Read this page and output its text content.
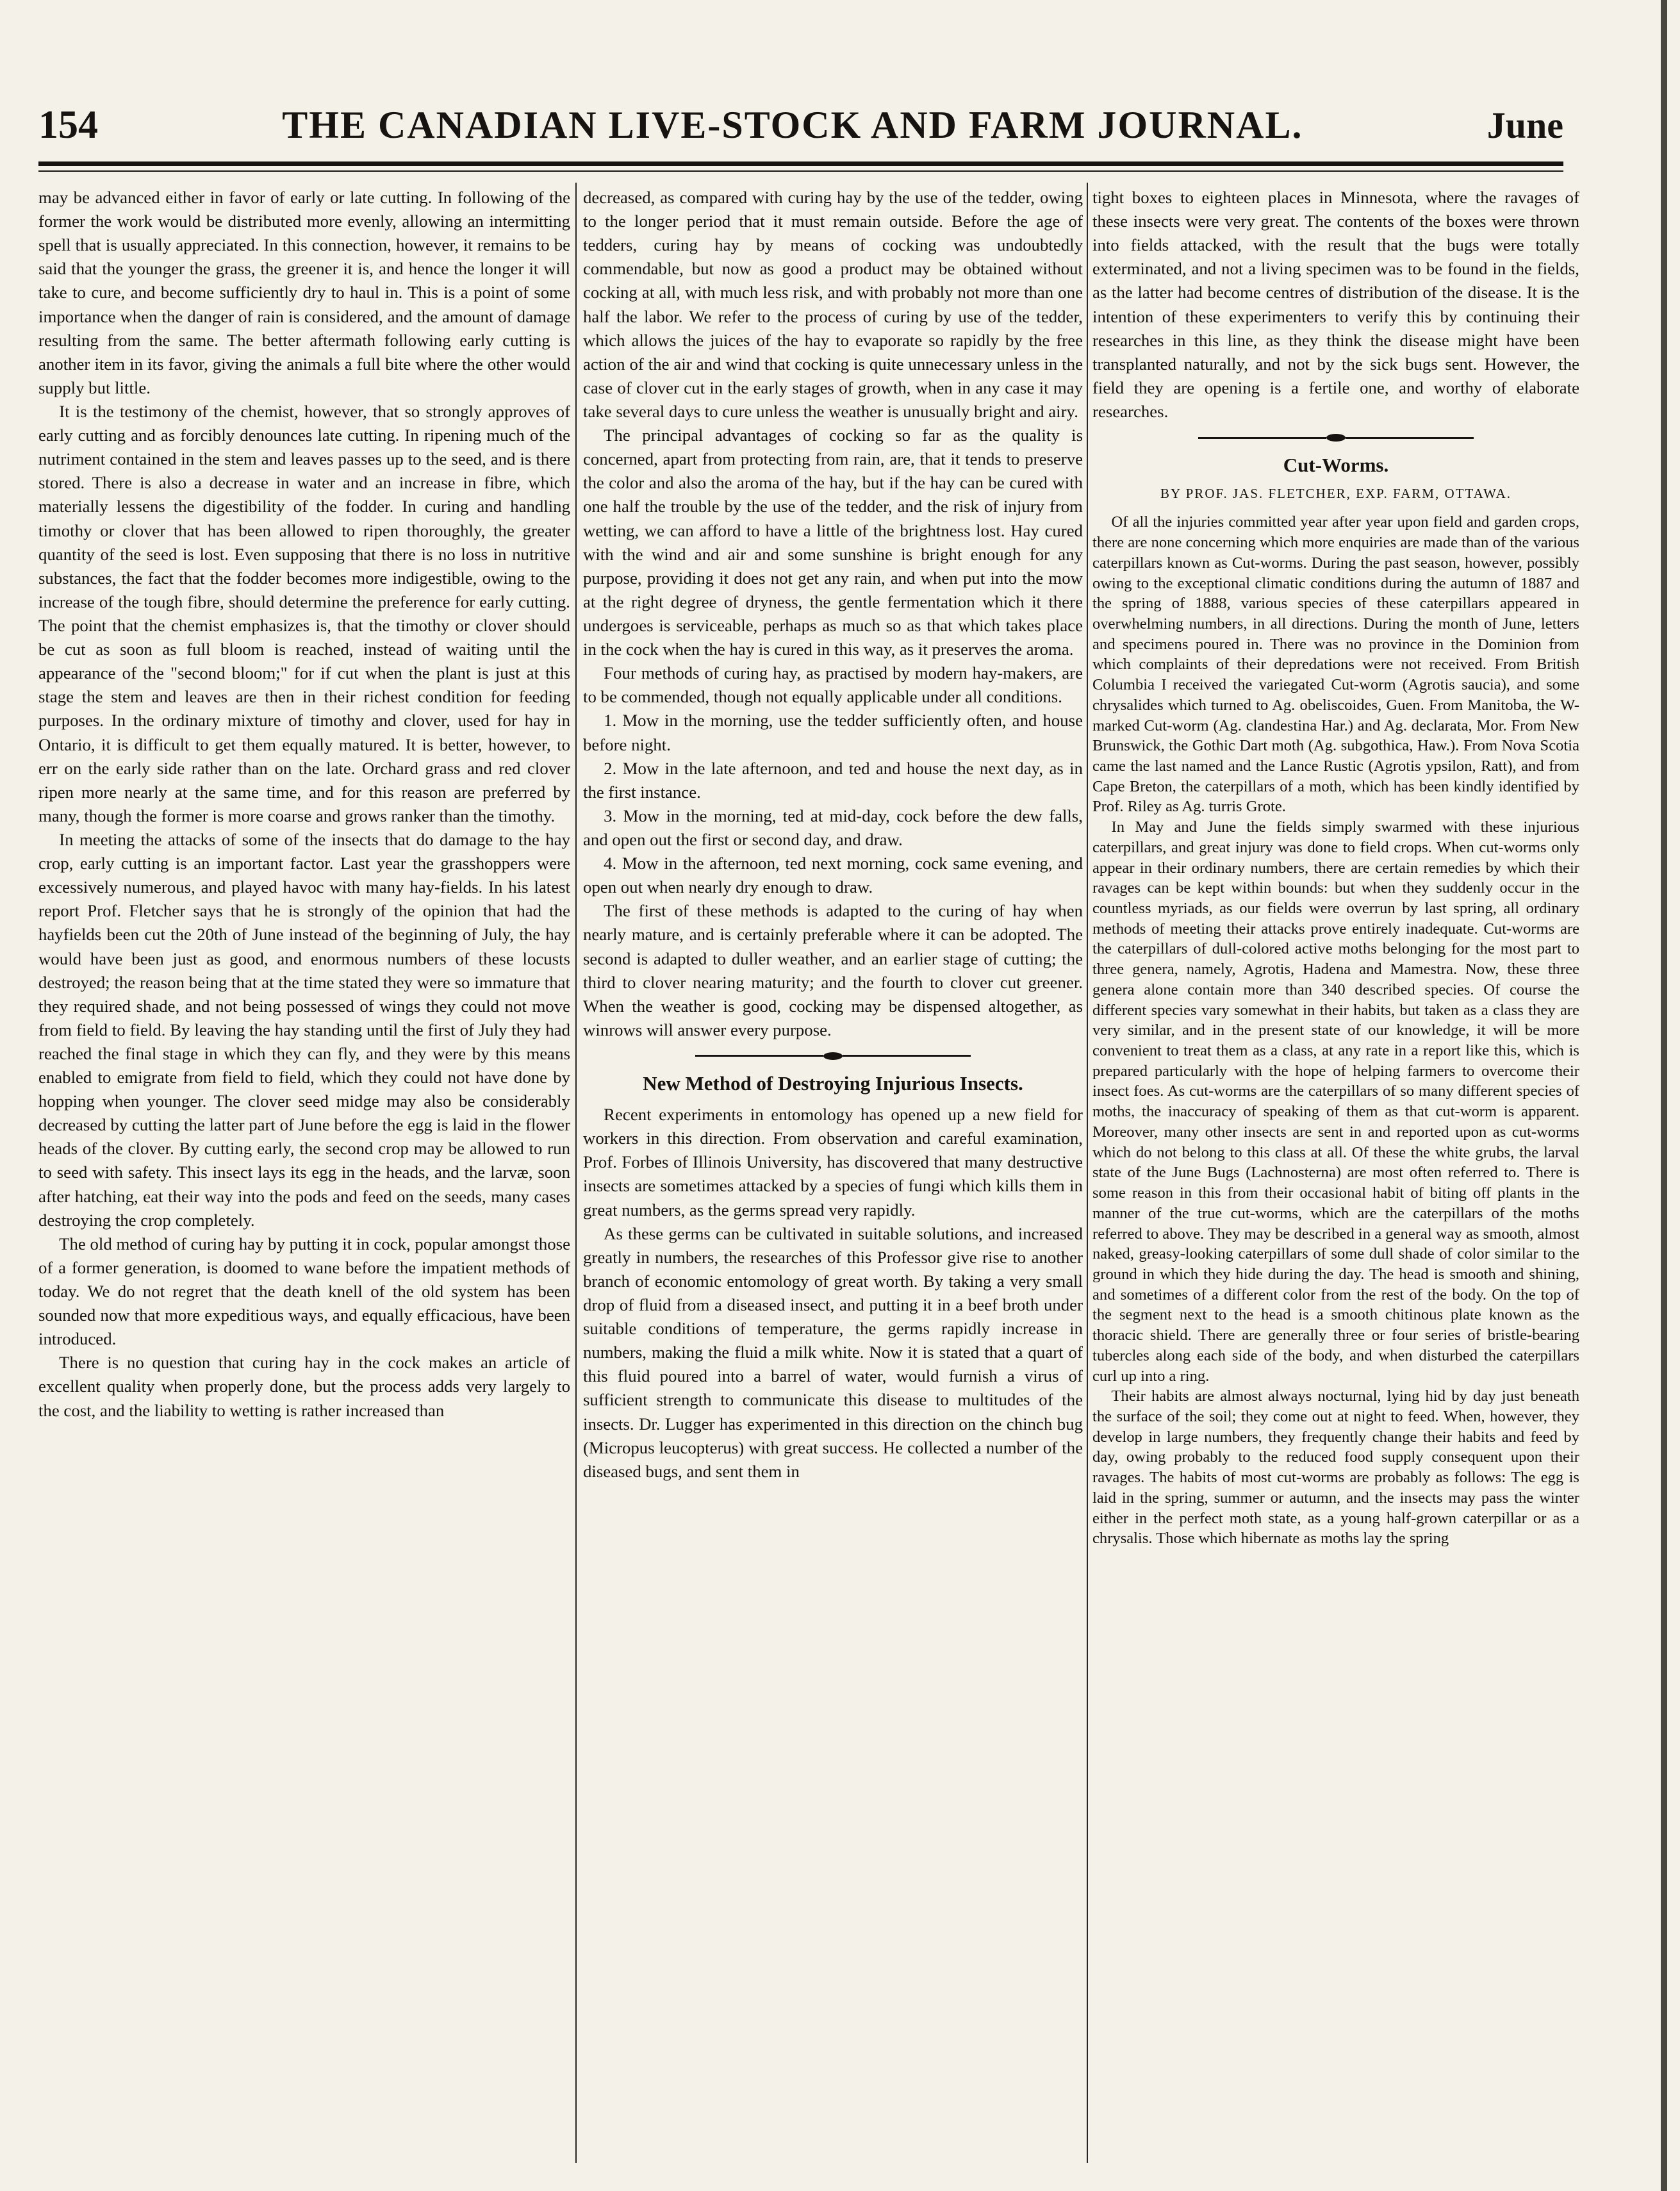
154	THE CANADIAN LIVE-STOCK AND FARM JOURNAL.	June

may be advanced either in favor of early or late cutting. In following of the former the work would be distributed more evenly, allowing an intermitting spell that is usually appreciated. In this connection, however, it remains to be said that the younger the grass, the greener it is, and hence the longer it will take to cure, and become sufficiently dry to haul in. This is a point of some importance when the danger of rain is considered, and the amount of damage resulting from the same. The better aftermath following early cutting is another item in its favor, giving the animals a full bite where the other would supply but little.

It is the testimony of the chemist, however, that so strongly approves of early cutting and as forcibly denounces late cutting. In ripening much of the nutriment contained in the stem and leaves passes up to the seed, and is there stored. There is also a decrease in water and an increase in fibre, which materially lessens the digestibility of the fodder. In curing and handling timothy or clover that has been allowed to ripen thoroughly, the greater quantity of the seed is lost. Even supposing that there is no loss in nutritive substances, the fact that the fodder becomes more indigestible, owing to the increase of the tough fibre, should determine the preference for early cutting. The point that the chemist emphasizes is, that the timothy or clover should be cut as soon as full bloom is reached, instead of waiting until the appearance of the "second bloom;" for if cut when the plant is just at this stage the stem and leaves are then in their richest condition for feeding purposes. In the ordinary mixture of timothy and clover, used for hay in Ontario, it is difficult to get them equally matured. It is better, however, to err on the early side rather than on the late. Orchard grass and red clover ripen more nearly at the same time, and for this reason are preferred by many, though the former is more coarse and grows ranker than the timothy.

In meeting the attacks of some of the insects that do damage to the hay crop, early cutting is an important factor. Last year the grasshoppers were excessively numerous, and played havoc with many hay-fields. In his latest report Prof. Fletcher says that he is strongly of the opinion that had the hayfields been cut the 20th of June instead of the beginning of July, the hay would have been just as good, and enormous numbers of these locusts destroyed; the reason being that at the time stated they were so immature that they required shade, and not being possessed of wings they could not move from field to field. By leaving the hay standing until the first of July they had reached the final stage in which they can fly, and they were by this means enabled to emigrate from field to field, which they could not have done by hopping when younger. The clover seed midge may also be considerably decreased by cutting the latter part of June before the egg is laid in the flower heads of the clover. By cutting early, the second crop may be allowed to run to seed with safety. This insect lays its egg in the heads, and the larvæ, soon after hatching, eat their way into the pods and feed on the seeds, many cases destroying the crop completely.

The old method of curing hay by putting it in cock, popular amongst those of a former generation, is doomed to wane before the impatient methods of today. We do not regret that the death knell of the old system has been sounded now that more expeditious ways, and equally efficacious, have been introduced.

There is no question that curing hay in the cock makes an article of excellent quality when properly done, but the process adds very largely to the cost, and the liability to wetting is rather increased than

decreased, as compared with curing hay by the use of the tedder, owing to the longer period that it must remain outside. Before the age of tedders, curing hay by means of cocking was undoubtedly commendable, but now as good a product may be obtained without cocking at all, with much less risk, and with probably not more than one half the labor. We refer to the process of curing by use of the tedder, which allows the juices of the hay to evaporate so rapidly by the free action of the air and wind that cocking is quite unnecessary unless in the case of clover cut in the early stages of growth, when in any case it may take several days to cure unless the weather is unusually bright and airy.

The principal advantages of cocking so far as the quality is concerned, apart from protecting from rain, are, that it tends to preserve the color and also the aroma of the hay, but if the hay can be cured with one half the trouble by the use of the tedder, and the risk of injury from wetting, we can afford to have a little of the brightness lost. Hay cured with the wind and air and some sunshine is bright enough for any purpose, providing it does not get any rain, and when put into the mow at the right degree of dryness, the gentle fermentation which it there undergoes is serviceable, perhaps as much so as that which takes place in the cock when the hay is cured in this way, as it preserves the aroma.

Four methods of curing hay, as practised by modern hay-makers, are to be commended, though not equally applicable under all conditions.

1. Mow in the morning, use the tedder sufficiently often, and house before night.

2. Mow in the late afternoon, and ted and house the next day, as in the first instance.

3. Mow in the morning, ted at mid-day, cock before the dew falls, and open out the first or second day, and draw.

4. Mow in the afternoon, ted next morning, cock same evening, and open out when nearly dry enough to draw.

The first of these methods is adapted to the curing of hay when nearly mature, and is certainly preferable where it can be adopted. The second is adapted to duller weather, and an earlier stage of cutting; the third to clover nearing maturity; and the fourth to clover cut greener. When the weather is good, cocking may be dispensed altogether, as winrows will answer every purpose.

New Method of Destroying Injurious Insects.

Recent experiments in entomology has opened up a new field for workers in this direction. From observation and careful examination, Prof. Forbes of Illinois University, has discovered that many destructive insects are sometimes attacked by a species of fungi which kills them in great numbers, as the germs spread very rapidly.

As these germs can be cultivated in suitable solutions, and increased greatly in numbers, the researches of this Professor give rise to another branch of economic entomology of great worth. By taking a very small drop of fluid from a diseased insect, and putting it in a beef broth under suitable conditions of temperature, the germs rapidly increase in numbers, making the fluid a milk white. Now it is stated that a quart of this fluid poured into a barrel of water, would furnish a virus of sufficient strength to communicate this disease to multitudes of the insects. Dr. Lugger has experimented in this direction on the chinch bug (Micropus leucopterus) with great success. He collected a number of the diseased bugs, and sent them in

tight boxes to eighteen places in Minnesota, where the ravages of these insects were very great. The contents of the boxes were thrown into fields attacked, with the result that the bugs were totally exterminated, and not a living specimen was to be found in the fields, as the latter had become centres of distribution of the disease. It is the intention of these experimenters to verify this by continuing their researches in this line, as they think the disease might have been transplanted naturally, and not by the sick bugs sent. However, the field they are opening is a fertile one, and worthy of elaborate researches.

Cut-Worms.
BY PROF. JAS. FLETCHER, EXP. FARM, OTTAWA.

Of all the injuries committed year after year upon field and garden crops, there are none concerning which more enquiries are made than of the various caterpillars known as Cut-worms. During the past season, however, possibly owing to the exceptional climatic conditions during the autumn of 1887 and the spring of 1888, various species of these caterpillars appeared in overwhelming numbers, in all directions. During the month of June, letters and specimens poured in. There was no province in the Dominion from which complaints of their depredations were not received. From British Columbia I received the variegated Cut-worm (Agrotis saucia), and some chrysalides which turned to Ag. obeliscoides, Guen. From Manitoba, the W-marked Cut-worm (Ag. clandestina Har.) and Ag. declarata, Mor. From New Brunswick, the Gothic Dart moth (Ag. subgothica, Haw.). From Nova Scotia came the last named and the Lance Rustic (Agrotis ypsilon, Ratt), and from Cape Breton, the caterpillars of a moth, which has been kindly identified by Prof. Riley as Ag. turris Grote.

In May and June the fields simply swarmed with these injurious caterpillars, and great injury was done to field crops. When cut-worms only appear in their ordinary numbers, there are certain remedies by which their ravages can be kept within bounds: but when they suddenly occur in the countless myriads, as our fields were overrun by last spring, all ordinary methods of meeting their attacks prove entirely inadequate. Cut-worms are the caterpillars of dull-colored active moths belonging for the most part to three genera, namely, Agrotis, Hadena and Mamestra. Now, these three genera alone contain more than 340 described species. Of course the different species vary somewhat in their habits, but taken as a class they are very similar, and in the present state of our knowledge, it will be more convenient to treat them as a class, at any rate in a report like this, which is prepared particularly with the hope of helping farmers to overcome their insect foes. As cut-worms are the caterpillars of so many different species of moths, the inaccuracy of speaking of them as that cut-worm is apparent. Moreover, many other insects are sent in and reported upon as cut-worms which do not belong to this class at all. Of these the white grubs, the larval state of the June Bugs (Lachnosterna) are most often referred to. There is some reason in this from their occasional habit of biting off plants in the manner of the true cut-worms, which are the caterpillars of the moths referred to above. They may be described in a general way as smooth, almost naked, greasy-looking caterpillars of some dull shade of color similar to the ground in which they hide during the day. The head is smooth and shining, and sometimes of a different color from the rest of the body. On the top of the segment next to the head is a smooth chitinous plate known as the thoracic shield. There are generally three or four series of bristle-bearing tubercles along each side of the body, and when disturbed the caterpillars curl up into a ring.

Their habits are almost always nocturnal, lying hid by day just beneath the surface of the soil; they come out at night to feed. When, however, they develop in large numbers, they frequently change their habits and feed by day, owing probably to the reduced food supply consequent upon their ravages. The habits of most cut-worms are probably as follows: The egg is laid in the spring, summer or autumn, and the insects may pass the winter either in the perfect moth state, as a young half-grown caterpillar or as a chrysalis. Those which hibernate as moths lay the spring
